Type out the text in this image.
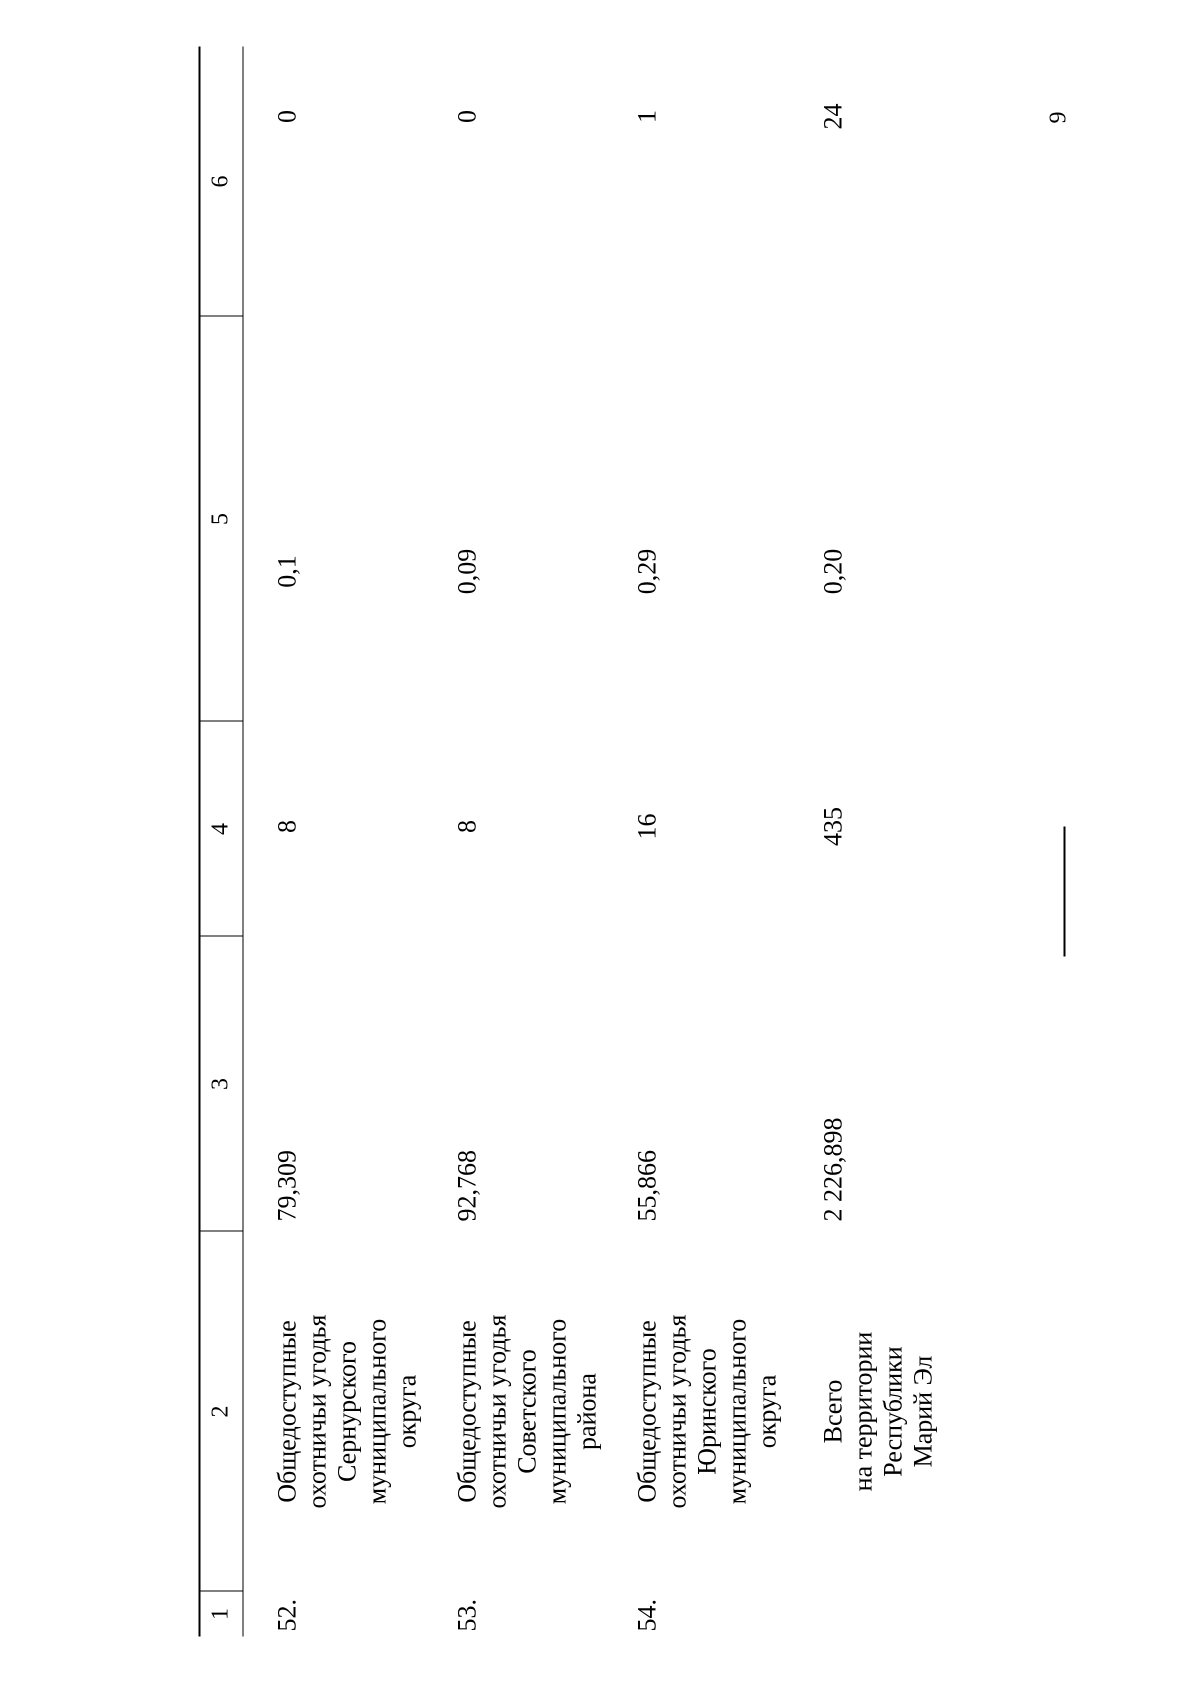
9
1
2
3
4
5
6
52.
Общедоступные
охотничьи угодья
Сернурского
муниципального
округа
79,309
8
0,1
0
53.
Общедоступные
охотничьи угодья
Советского
муниципального
района
92,768
8
0,09
0
54.
Общедоступные
охотничьи угодья
Юринского
муниципального
округа
55,866
16
0,29
1
Всего
на территории
Республики
Марий Эл
2 226,898
435
0,20
24
